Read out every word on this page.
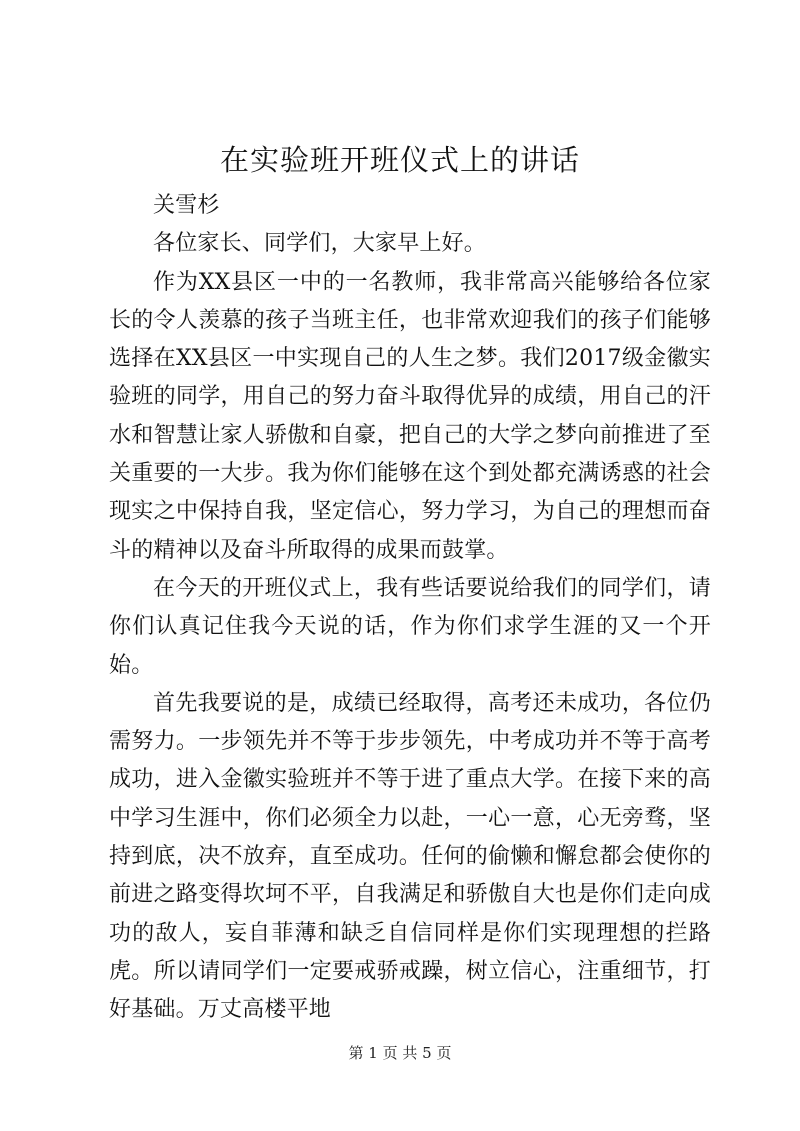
在实验班开班仪式上的讲话

关雪杉

各位家长、同学们，大家早上好。

作为XX县区一中的一名教师，我非常高兴能够给各位家长的令人羡慕的孩子当班主任，也非常欢迎我们的孩子们能够选择在XX县区一中实现自己的人生之梦。我们2017级金徽实验班的同学，用自己的努力奋斗取得优异的成绩，用自己的汗水和智慧让家人骄傲和自豪，把自己的大学之梦向前推进了至关重要的一大步。我为你们能够在这个到处都充满诱惑的社会现实之中保持自我，坚定信心，努力学习，为自己的理想而奋斗的精神以及奋斗所取得的成果而鼓掌。

在今天的开班仪式上，我有些话要说给我们的同学们，请你们认真记住我今天说的话，作为你们求学生涯的又一个开始。

首先我要说的是，成绩已经取得，高考还未成功，各位仍需努力。一步领先并不等于步步领先，中考成功并不等于高考成功，进入金徽实验班并不等于进了重点大学。在接下来的高中学习生涯中，你们必须全力以赴，一心一意，心无旁骛，坚持到底，决不放弃，直至成功。任何的偷懒和懈怠都会使你的前进之路变得坎坷不平，自我满足和骄傲自大也是你们走向成功的敌人，妄自菲薄和缺乏自信同样是你们实现理想的拦路虎。所以请同学们一定要戒骄戒躁，树立信心，注重细节，打好基础。万丈高楼平地

第 1 页 共 5 页
